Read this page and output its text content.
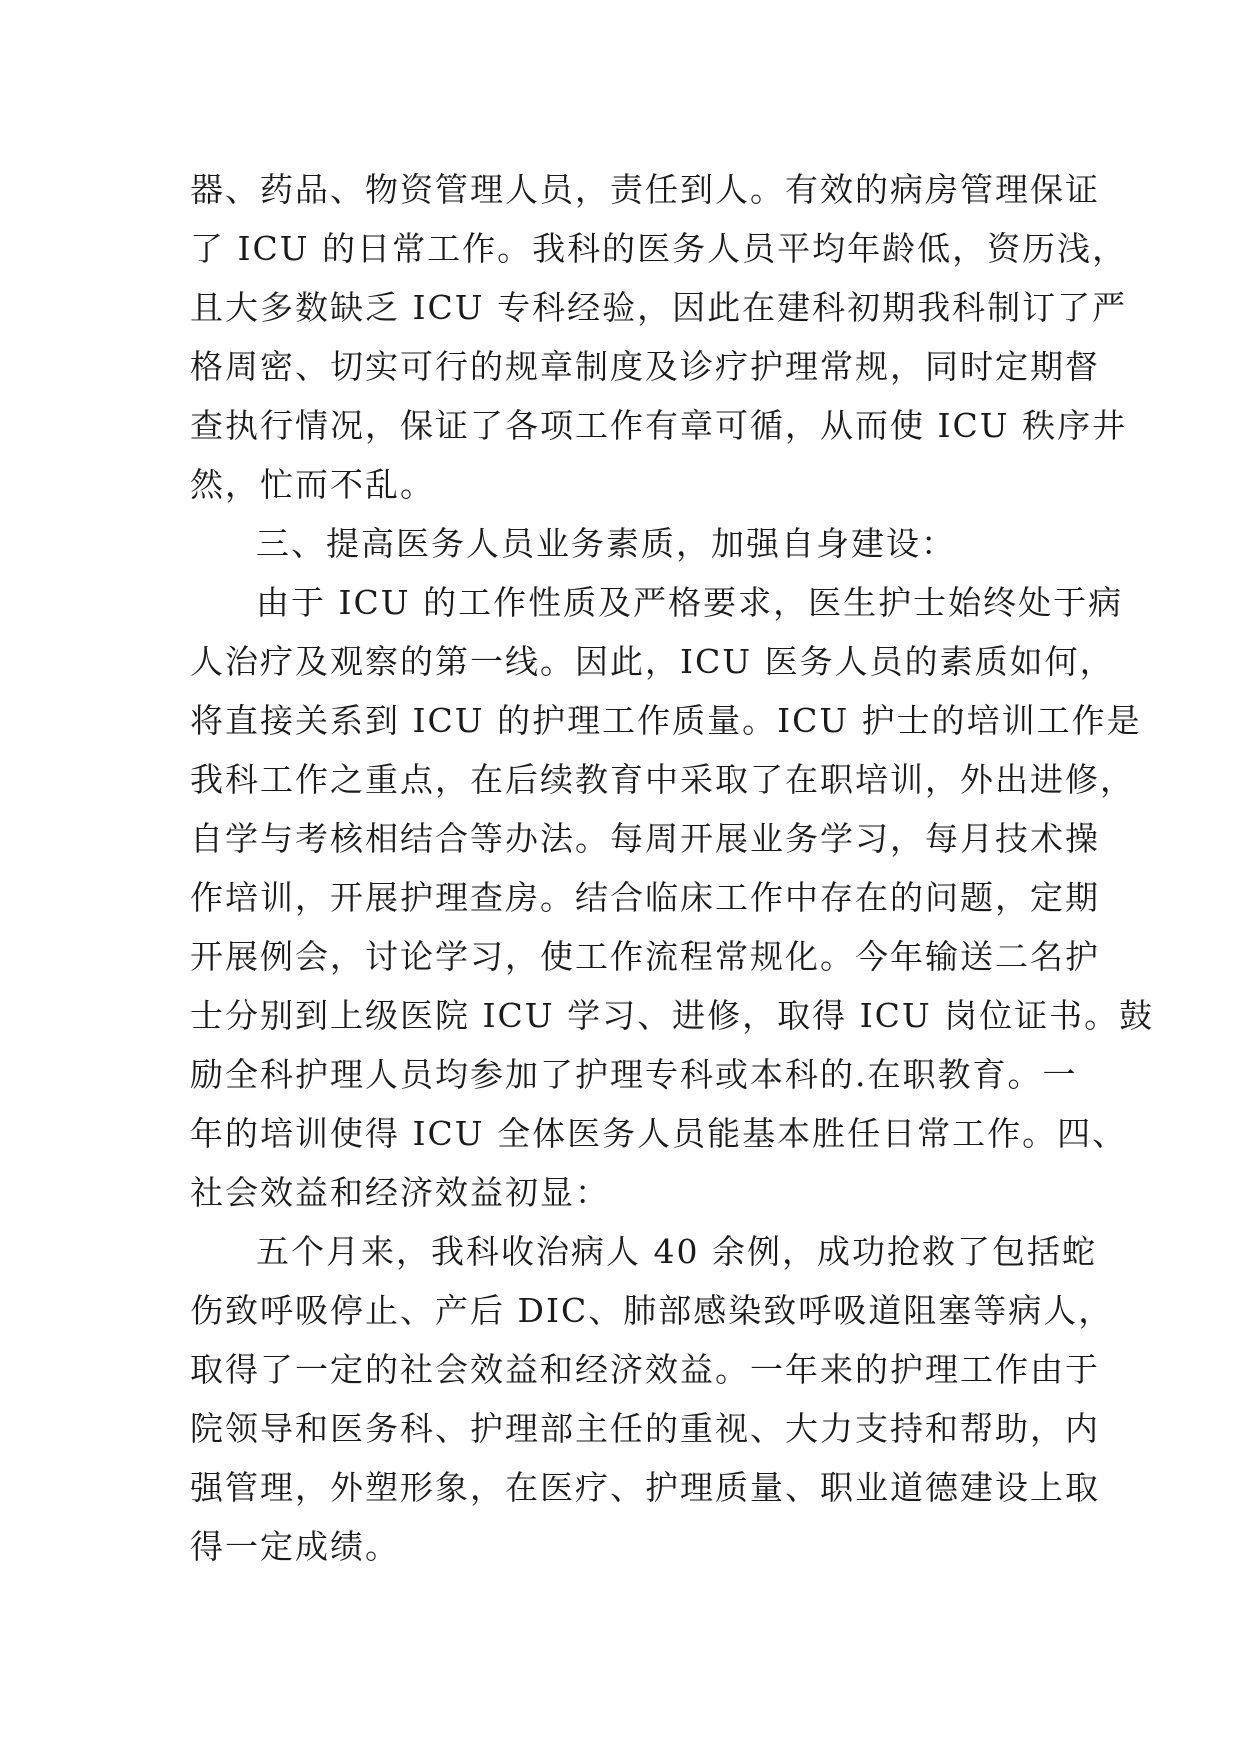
器、药品、物资管理人员，责任到人。有效的病房管理保证
了 ICU 的日常工作。我科的医务人员平均年龄低，资历浅，
且大多数缺乏 ICU 专科经验，因此在建科初期我科制订了严
格周密、切实可行的规章制度及诊疗护理常规，同时定期督
查执行情况，保证了各项工作有章可循，从而使 ICU 秩序井
然，忙而不乱。
三、提高医务人员业务素质，加强自身建设：
由于 ICU 的工作性质及严格要求，医生护士始终处于病
人治疗及观察的第一线。因此，ICU 医务人员的素质如何，
将直接关系到 ICU 的护理工作质量。ICU 护士的培训工作是
我科工作之重点，在后续教育中采取了在职培训，外出进修，
自学与考核相结合等办法。每周开展业务学习，每月技术操
作培训，开展护理查房。结合临床工作中存在的问题，定期
开展例会，讨论学习，使工作流程常规化。今年输送二名护
士分别到上级医院 ICU 学习、进修，取得 ICU 岗位证书。鼓
励全科护理人员均参加了护理专科或本科的.在职教育。一
年的培训使得 ICU 全体医务人员能基本胜任日常工作。四、
社会效益和经济效益初显：
五个月来，我科收治病人 40 余例，成功抢救了包括蛇
伤致呼吸停止、产后 DIC、肺部感染致呼吸道阻塞等病人，
取得了一定的社会效益和经济效益。一年来的护理工作由于
院领导和医务科、护理部主任的重视、大力支持和帮助，内
强管理，外塑形象，在医疗、护理质量、职业道德建设上取
得一定成绩。
